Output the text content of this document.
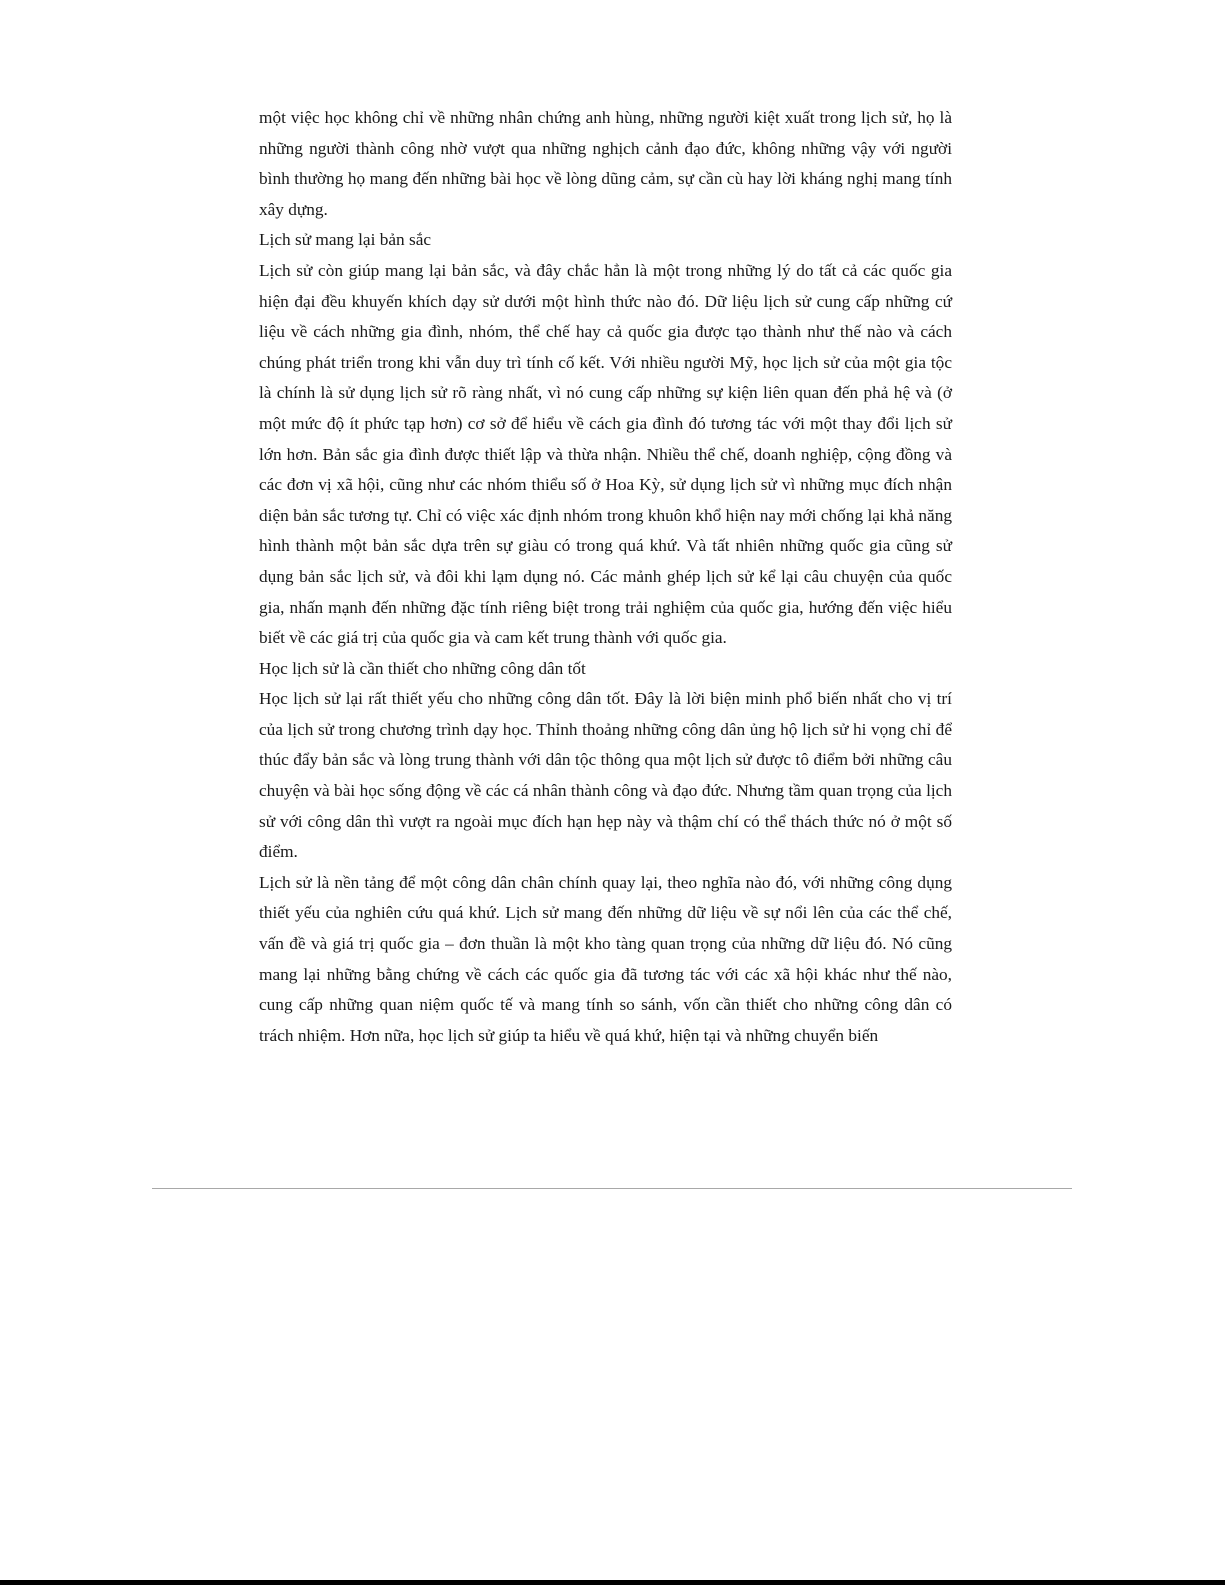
một việc học không chỉ về những nhân chứng anh hùng, những người kiệt xuất trong lịch sử, họ là những người thành công nhờ vượt qua những nghịch cảnh đạo đức, không những vậy với người bình thường họ mang đến những bài học về lòng dũng cảm, sự cần cù hay lời kháng nghị mang tính xây dựng.

Lịch sử mang lại bản sắc

Lịch sử còn giúp mang lại bản sắc, và đây chắc hẳn là một trong những lý do tất cả các quốc gia hiện đại đều khuyến khích dạy sử dưới một hình thức nào đó. Dữ liệu lịch sử cung cấp những cứ liệu về cách những gia đình, nhóm, thể chế hay cả quốc gia được tạo thành như thế nào và cách chúng phát triển trong khi vẫn duy trì tính cố kết. Với nhiều người Mỹ, học lịch sử của một gia tộc là chính là sử dụng lịch sử rõ ràng nhất, vì nó cung cấp những sự kiện liên quan đến phả hệ và (ở một mức độ ít phức tạp hơn) cơ sở để hiểu về cách gia đình đó tương tác với một thay đổi lịch sử lớn hơn. Bản sắc gia đình được thiết lập và thừa nhận. Nhiều thể chế, doanh nghiệp, cộng đồng và các đơn vị xã hội, cũng như các nhóm thiểu số ở Hoa Kỳ, sử dụng lịch sử vì những mục đích nhận diện bản sắc tương tự. Chỉ có việc xác định nhóm trong khuôn khổ hiện nay mới chống lại khả năng hình thành một bản sắc dựa trên sự giàu có trong quá khứ. Và tất nhiên những quốc gia cũng sử dụng bản sắc lịch sử, và đôi khi lạm dụng nó. Các mảnh ghép lịch sử kể lại câu chuyện của quốc gia, nhấn mạnh đến những đặc tính riêng biệt trong trải nghiệm của quốc gia, hướng đến việc hiểu biết về các giá trị của quốc gia và cam kết trung thành với quốc gia.

Học lịch sử là cần thiết cho những công dân tốt

Học lịch sử lại rất thiết yếu cho những công dân tốt. Đây là lời biện minh phổ biến nhất cho vị trí của lịch sử trong chương trình dạy học. Thỉnh thoảng những công dân ủng hộ lịch sử hi vọng chỉ để thúc đẩy bản sắc và lòng trung thành với dân tộc thông qua một lịch sử được tô điểm bởi những câu chuyện và bài học sống động về các cá nhân thành công và đạo đức. Nhưng tầm quan trọng của lịch sử với công dân thì vượt ra ngoài mục đích hạn hẹp này và thậm chí có thể thách thức nó ở một số điểm.

Lịch sử là nền tảng để một công dân chân chính quay lại, theo nghĩa nào đó, với những công dụng thiết yếu của nghiên cứu quá khứ. Lịch sử mang đến những dữ liệu về sự nổi lên của các thể chế, vấn đề và giá trị quốc gia – đơn thuần là một kho tàng quan trọng của những dữ liệu đó. Nó cũng mang lại những bằng chứng về cách các quốc gia đã tương tác với các xã hội khác như thế nào, cung cấp những quan niệm quốc tế và mang tính so sánh, vốn cần thiết cho những công dân có trách nhiệm. Hơn nữa, học lịch sử giúp ta hiểu về quá khứ, hiện tại và những chuyển biến
